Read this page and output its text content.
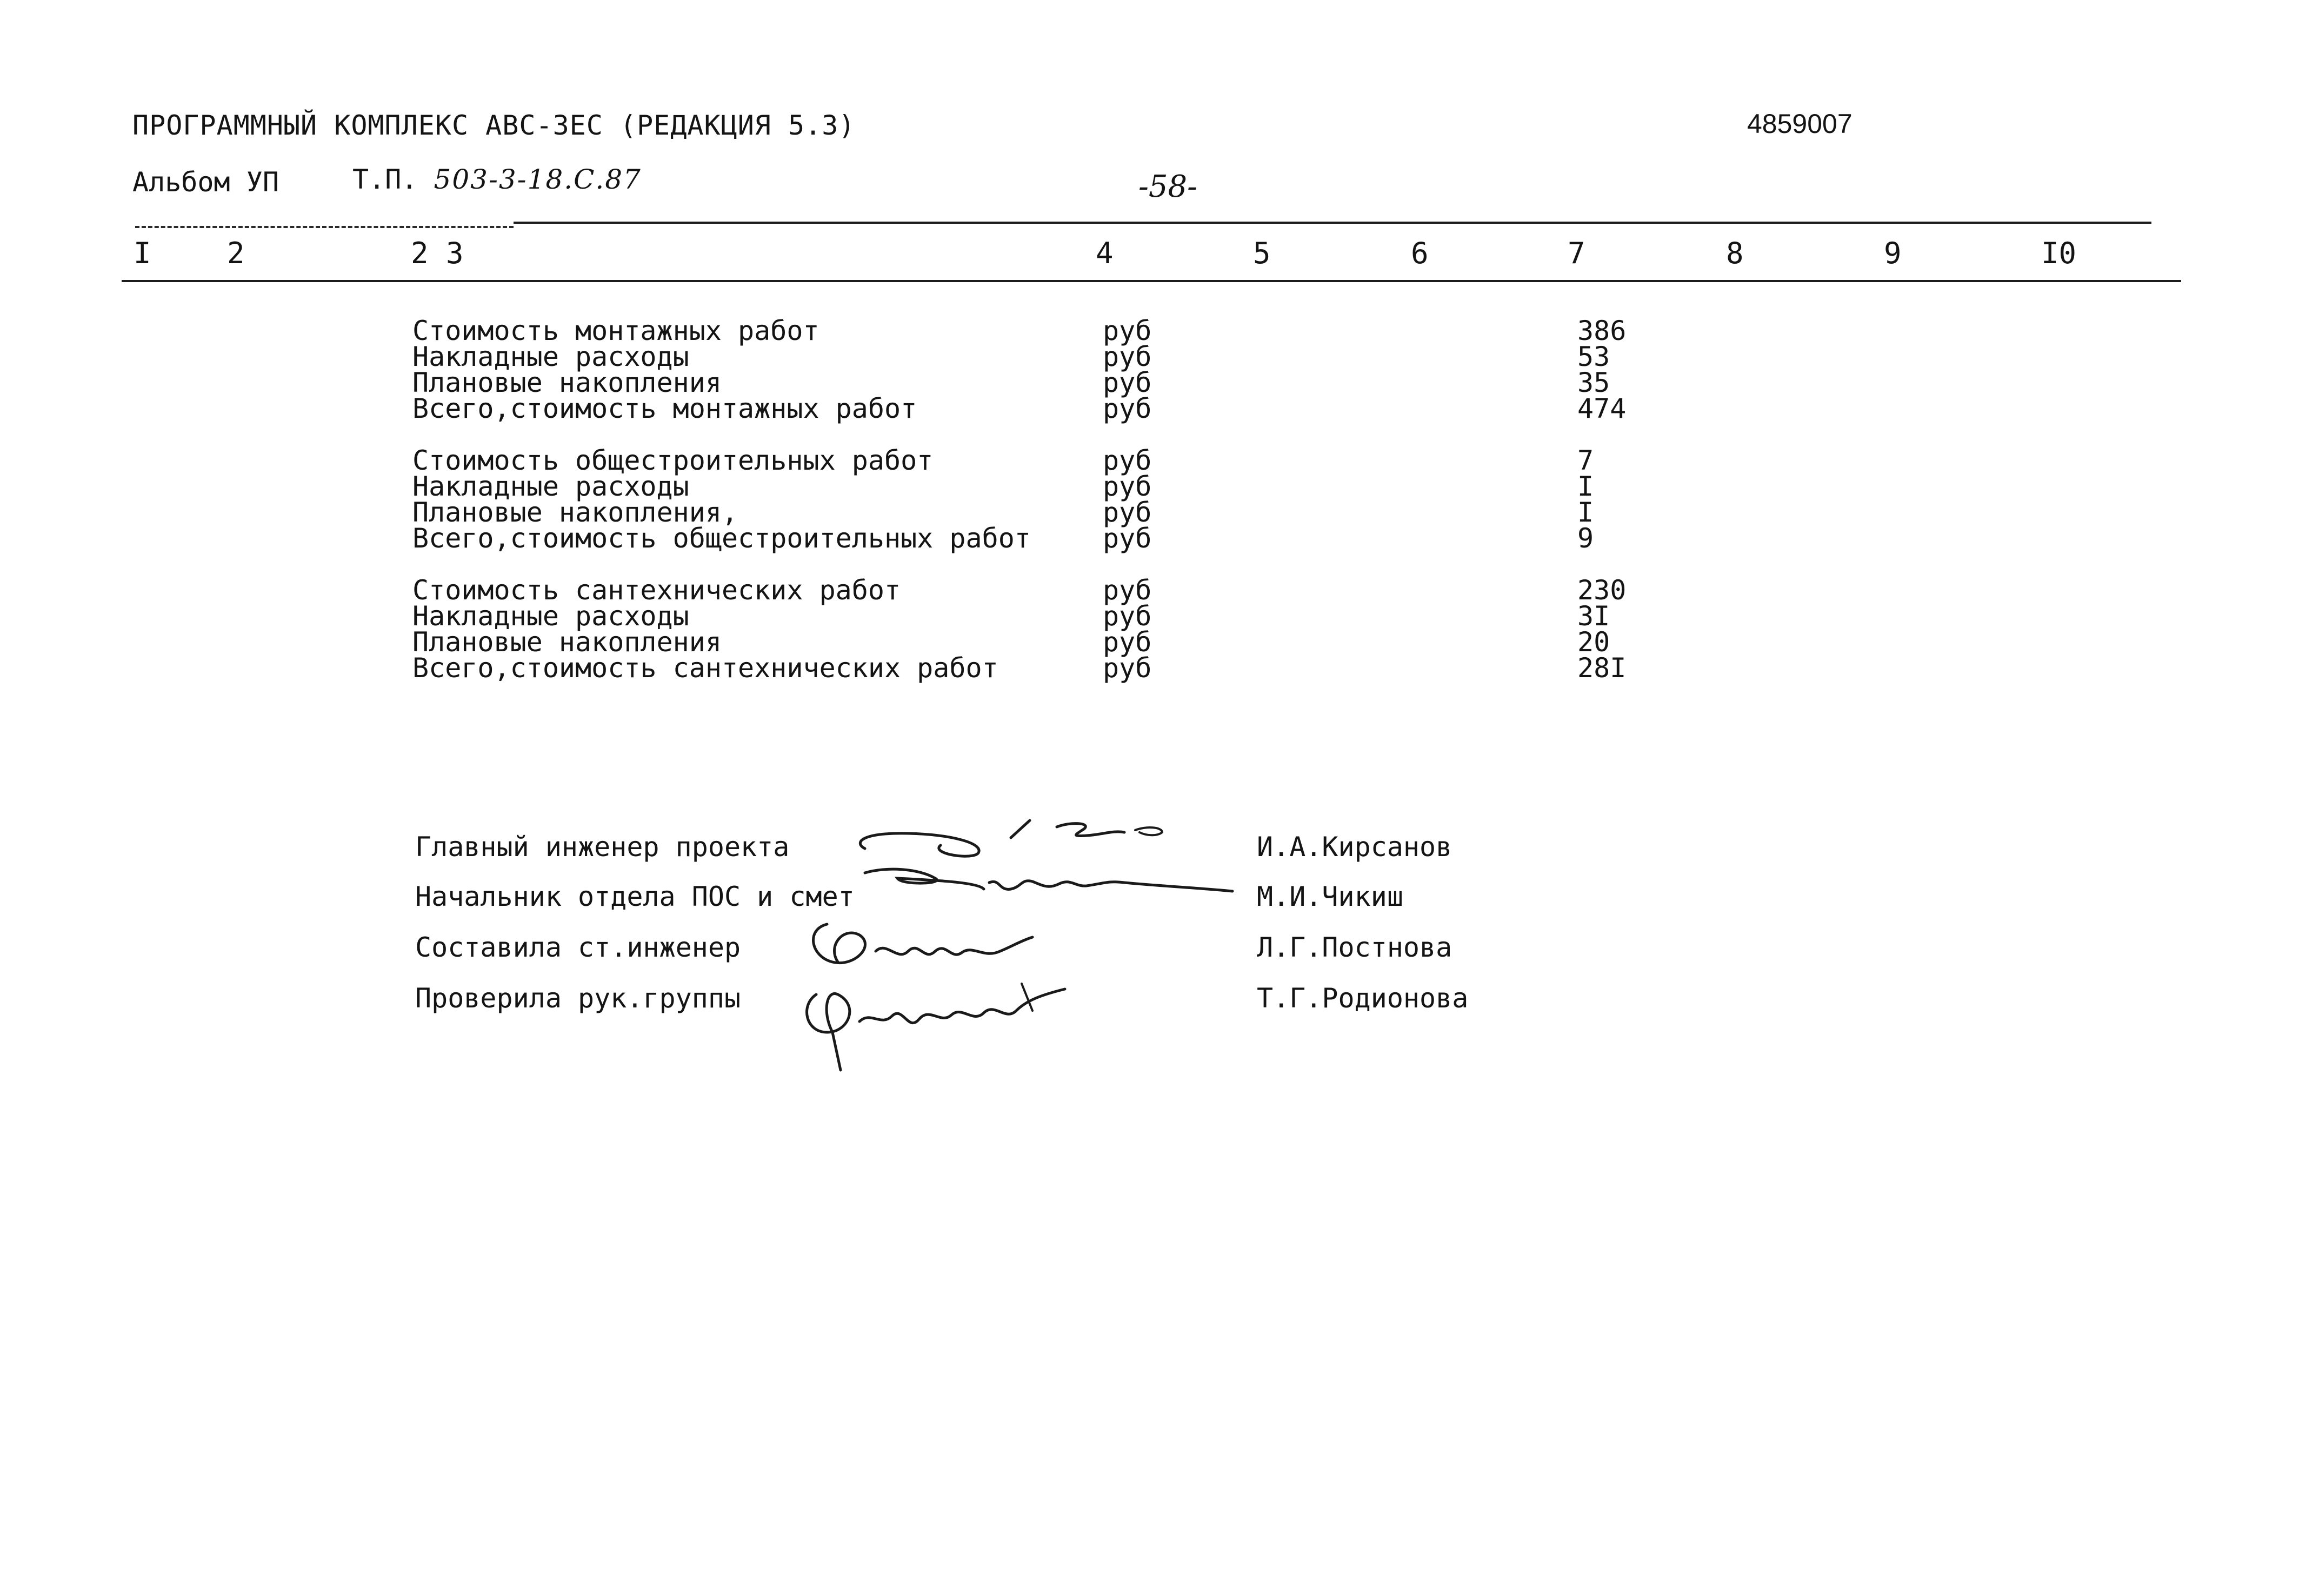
ПРОГРАММНЫЙ КОМПЛЕКС АВС-ЗЕС (РЕДАКЦИЯ 5.3)	4859007
Альбом УП	Т.П. 503-3-18.С.87	-58-
I	2	2 3	4	5	6	7	8	9	I0
Стоимость монтажных работ	руб	386
Накладные расходы	руб	53
Плановые накопления	руб	35
Всего,стоимость монтажных работ	руб	474
Стоимость общестроительных работ	руб	7
Накладные расходы	руб	I
Плановые накопления,	руб	I
Всего,стоимость общестроительных работ	руб	9
Стоимость сантехнических работ	руб	230
Накладные расходы	руб	3I
Плановые накопления	руб	20
Всего,стоимость сантехнических работ	руб	28I
Главный инженер проекта	И.А.Кирсанов
Начальник отдела ПОС и смет	М.И.Чикиш
Составила ст.инженер	Л.Г.Постнова
Проверила рук.группы	Т.Г.Родионова
